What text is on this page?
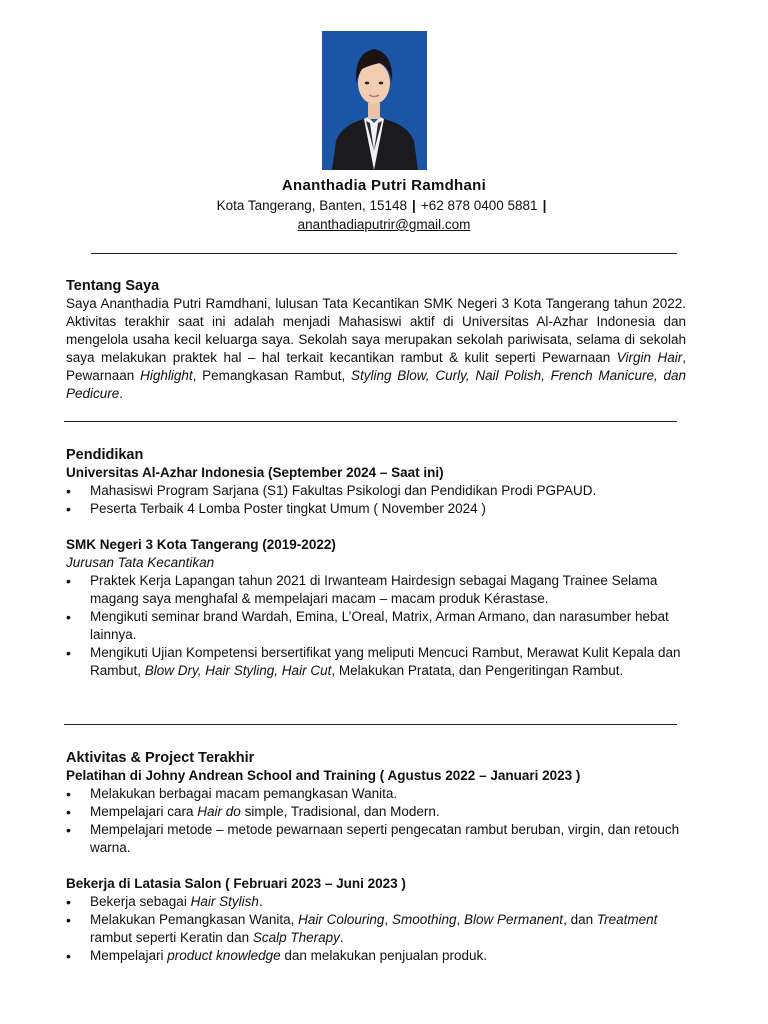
Ananthadia Putri Ramdhani
Kota Tangerang, Banten, 15148 | +62 878 0400 5881 |
ananthadiaputrir@gmail.com
Tentang Saya

Saya Ananthadia Putri Ramdhani, lulusan Tata Kecantikan SMK Negeri 3 Kota Tangerang tahun 2022. Aktivitas terakhir saat ini adalah menjadi Mahasiswi aktif di Universitas Al-Azhar Indonesia dan mengelola usaha kecil keluarga saya. Sekolah saya merupakan sekolah pariwisata, selama di sekolah saya melakukan praktek hal – hal terkait kecantikan rambut & kulit seperti Pewarnaan Virgin Hair, Pewarnaan Highlight, Pemangkasan Rambut, Styling Blow, Curly, Nail Polish, French Manicure, dan Pedicure.

Pendidikan
Universitas Al-Azhar Indonesia (September 2024 – Saat ini)
• Mahasiswi Program Sarjana (S1) Fakultas Psikologi dan Pendidikan Prodi PGPAUD.
• Peserta Terbaik 4 Lomba Poster tingkat Umum ( November 2024 )
SMK Negeri 3 Kota Tangerang (2019-2022)
Jurusan Tata Kecantikan
• Praktek Kerja Lapangan tahun 2021 di Irwanteam Hairdesign sebagai Magang Trainee Selama magang saya menghafal & mempelajari macam – macam produk Kérastase.
• Mengikuti seminar brand Wardah, Emina, L’Oreal, Matrix, Arman Armano, dan narasumber hebat lainnya.
• Mengikuti Ujian Kompetensi bersertifikat yang meliputi Mencuci Rambut, Merawat Kulit Kepala dan Rambut, Blow Dry, Hair Styling, Hair Cut, Melakukan Pratata, dan Pengeritingan Rambut.
Aktivitas & Project Terakhir
Pelatihan di Johny Andrean School and Training ( Agustus 2022 – Januari 2023 )
• Melakukan berbagai macam pemangkasan Wanita.
• Mempelajari cara Hair do simple, Tradisional, dan Modern.
• Mempelajari metode – metode pewarnaan seperti pengecatan rambut beruban, virgin, dan retouch warna.
Bekerja di Latasia Salon ( Februari 2023 – Juni 2023 )
• Bekerja sebagai Hair Stylish.
• Melakukan Pemangkasan Wanita, Hair Colouring, Smoothing, Blow Permanent, dan Treatment rambut seperti Keratin dan Scalp Therapy.
• Mempelajari product knowledge dan melakukan penjualan produk.
